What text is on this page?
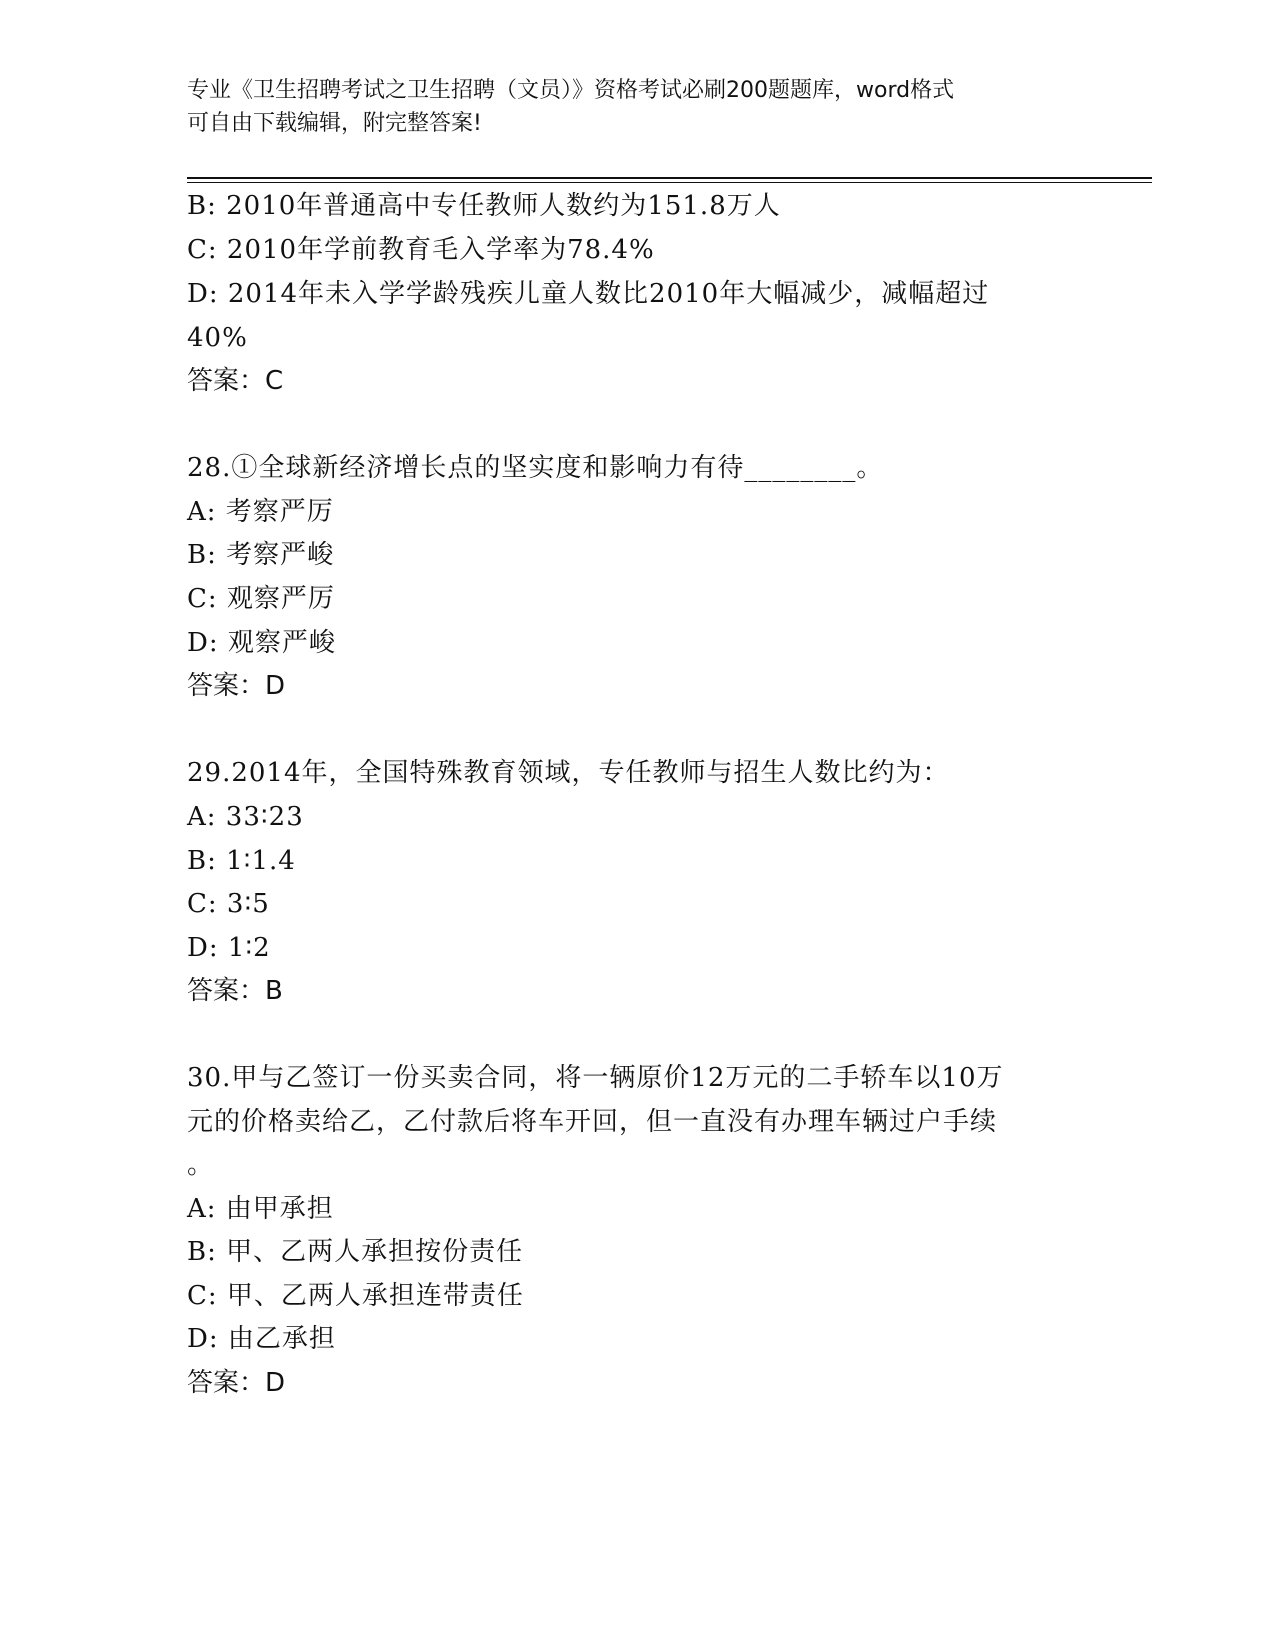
专业《卫生招聘考试之卫生招聘（文员）》资格考试必刷200题题库，word格式
可自由下载编辑，附完整答案!
B: 2010年普通高中专任教师人数约为151.8万人
C: 2010年学前教育毛入学率为78.4%
D: 2014年未入学学龄残疾儿童人数比2010年大幅减少，减幅超过
40%
答案：C
28.①全球新经济增长点的坚实度和影响力有待________。
A: 考察严厉
B: 考察严峻
C: 观察严厉
D: 观察严峻
答案：D
29.2014年，全国特殊教育领域，专任教师与招生人数比约为：
A: 33∶23
B: 1∶1.4
C: 3∶5
D: 1∶2
答案：B
30.甲与乙签订一份买卖合同，将一辆原价12万元的二手轿车以10万
元的价格卖给乙，乙付款后将车开回，但一直没有办理车辆过户手续
。
A: 由甲承担
B: 甲、乙两人承担按份责任
C: 甲、乙两人承担连带责任
D: 由乙承担
答案：D
